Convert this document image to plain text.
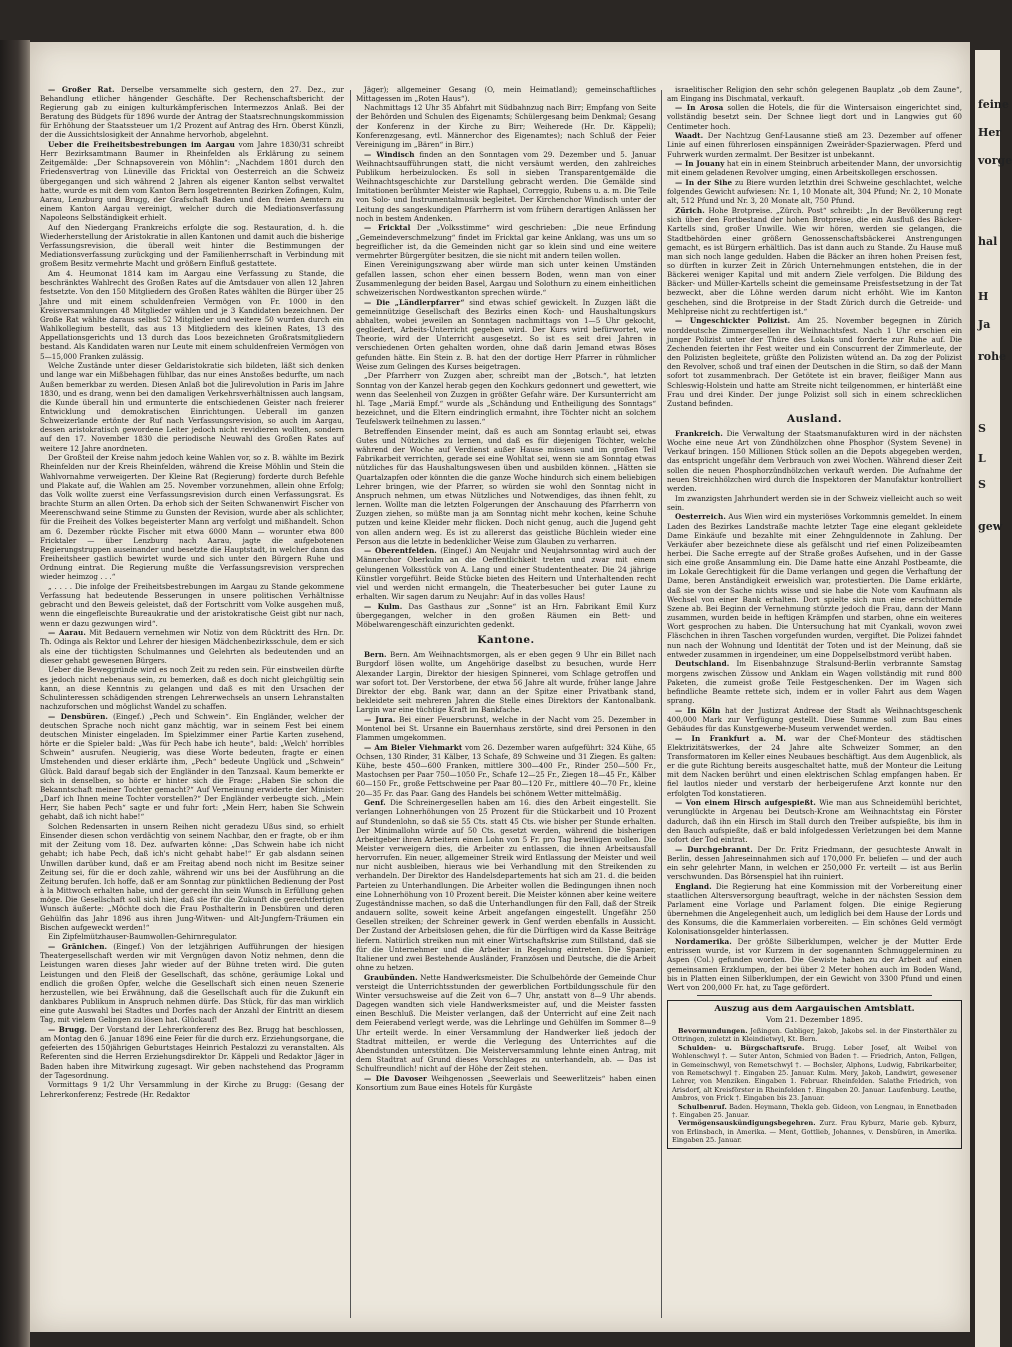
feine
Her
vorge
hal
H
Ja
rohe
S
L
S
gew

— Großer Rat. Derselbe versammelte sich gestern, den 27. Dez., zur Behandlung etlicher hängender Geschäfte. Der Rechenschaftsbericht der Regierung gab zu einigen kulturkämpferischen Intermezzos Anlaß. Bei der Beratung des Büdgets für 1896 wurde der Antrag der Staatsrechnungskommission für Erhöhung der Staatssteuer um 1/2 Prozent auf Antrag des Hrn. Oberst Künzli, der die Aussichtslosigkeit der Annahme hervorhob, abgelehnt.

Ueber die Freiheitsbestrebungen im Aargau vom Jahre 1830/31 schreibt Herr Bezirksamtmann Baumer in Rheinfelden als Erklärung zu seinem Zeitgemälde: „Der Schnapsoverein von Möhlin“: „Nachdem 1801 durch den Friedensvertrag von Lüneville das Fricktal von Oesterreich an die Schweiz übergegangen und sich während 2 Jahren als eigener Kanton selbst verwaltet hatte, wurde es mit dem vom Kanton Bern losgetrennten Bezirken Zofingen, Kulm, Aarau, Lenzburg und Brugg, der Grafschaft Baden und den freien Aemtern zu einem Kanton Aargau vereinigt, welcher durch die Mediationsverfassung Napoleons Selbständigkeit erhielt.

Auf den Niedergang Frankreichs erfolgte die sog. Restauration, d. h. die Wiederherstellung der Aristokratie in allen Kantonen und damit auch die bisherige Verfassungsrevision, die überall weit hinter die Bestimmungen der Mediationsverfassung zurückging und der Familienherrschaft in Verbindung mit großem Besitz vermehrte Macht und größern Einfluß gestattete.

Am 4. Heumonat 1814 kam im Aargau eine Verfassung zu Stande, die beschränktes Wahlrecht des Großen Rates auf die Amtsdauer von allen 12 Jahren festsetzte. Von den 150 Mitgliedern des Großen Rates wählten die Bürger über 25 Jahre und mit einem schuldenfreien Vermögen von Fr. 1000 in den Kreisversammlungen 48 Mitglieder wählen und je 3 Kandidaten bezeichnen. Der Große Rat wählte daraus selbst 52 Mitglieder und weitere 50 wurden durch ein Wahlkollegium bestellt, das aus 13 Mitgliedern des kleinen Rates, 13 des Appellationsgerichts und 13 durch das Loos bezeichneten Großratsmitgliedern bestand. Als Kandidaten waren nur Leute mit einem schuldenfreien Vermögen von 5—15,000 Franken zulässig.

Welche Zustände unter dieser Geldaristokratie sich bildeten, läßt sich denken und lange war ein Mißbehagen fühlbar, das nur eines Anstoßes bedurfte, um nach Außen bemerkbar zu werden. Diesen Anlaß bot die Julirevolution in Paris im Jahre 1830, und es drang, wenn bei den damaligen Verkehrsverhältnissen auch langsam, die Kunde überall hin und ermunterte die entschiedenen Geister nach freierer Entwicklung und demokratischen Einrichtungen. Ueberall im ganzen Schweizerlande ertönte der Ruf nach Verfassungsrevision, so auch im Aargau, dessen aristokratisch gewordene Leiter jedoch nicht revidieren wollten, sondern auf den 17. November 1830 die periodische Neuwahl des Großen Rates auf weitere 12 Jahre anordneten.

Der Großteil der Kreise nahm jedoch keine Wahlen vor, so z. B. wählte im Bezirk Rheinfelden nur der Kreis Rheinfelden, während die Kreise Möhlin und Stein die Wahlvornahme verweigerten. Der Kleine Rat (Regierung) forderte durch Befehle und Plakate auf, die Wahlen am 25. November vorzunehmen, allein ohne Erfolg; das Volk wollte zuerst eine Verfassungsrevision durch einen Verfassungsrat. Es brachte Sturm an allen Orten. Da erhob sich der Seiten Schwanenwirt Fischer von Meerenschwand seine Stimme zu Gunsten der Revision, wurde aber als schlichter, für die Freiheit des Volkes begeisterter Mann arg verfolgt und mißhandelt. Schon am 6. Dezember rückte Fischer mit etwa 6000 Mann — worunter etwa 800 Fricktaler — über Lenzburg nach Aarau, jagte die aufgebotenen Regierungstruppen auseinander und besetzte die Hauptstadt, in welcher dann das Freiheitsheer gastlich bewirtet wurde und sich unter den Bürgern Ruhe und Ordnung eintrat. Die Regierung mußte die Verfassungsrevision versprechen wieder heimzog . . .“

„ . . . . Die infolge der Freiheitsbestrebungen im Aargau zu Stande gekommene Verfassung hat bedeutende Besserungen in unsere politischen Verhältnisse gebracht und den Beweis geleistet, daß der Fortschritt vom Volke ausgehen muß, wenn die eingefleischte Bureaukratie und der aristokratische Geist gibt nur nach, wenn er dazu gezwungen wird“.

— Aarau. Mit Bedauern vernehmen wir Notiz von dem Rücktritt des Hrn. Dr. Th. Odinga als Rektor und Lehrer der hiesigen Mädchenbezirksschule, dem er sich als eine der tüchtigsten Schulmannes und Gelehrten als bedeutenden und an dieser gehabt gewesenen Bürgers.

Ueber die Beweggründe wird es noch Zeit zu reden sein. Für einstweilen dürfte es jedoch nicht nebenaus sein, zu bemerken, daß es doch nicht gleichgültig sein kann, an diese Kenntnis zu gelangen und daß es mit den Ursachen der Schulinteressen schädigenden strengen Lehrerwechsels an unsern Lehranstalten nachzuforschen und möglichst Wandel zu schaffen.

— Densbüren. (Eingef.) „Pech und Schwein“. Ein Engländer, welcher der deutschen Sprache noch nicht ganz mächtig, war in seinem Fest bei einem deutschen Minister eingeladen. Im Spielzimmer einer Partie Karten zusehend, hörte er die Spieler bald: „Was für Pech habe ich heute“, bald: „Welch' horribles Schwein“ ausrufen. Neugierig, was diese Worte bedeuten, fragte er einen Umstehenden und dieser erklärte ihm, „Pech“ bedeute Unglück und „Schwein“ Glück. Bald darauf begab sich der Engländer in den Tanzsaal. Kaum bemerkte er sich in denselben, so hörte er hinter sich die Frage: „Haben Sie schon die Bekanntschaft meiner Tochter gemacht?“ Auf Verneinung erwiderte der Minister: „Darf ich Ihnen meine Tochter vorstellen?“ Der Engländer verbeugte sich. „Mein Herr, Sie haben Pech“ sagte er und fuhr fort: „Mein Herr, haben Sie Schwein gehabt, daß ich nicht habe!“

Solchen Redensarten in unsern Reihen nicht geradezu Ußus sind, so erhielt Einsender diesen schon verdächtig von seinem Nachbar, den er fragte, ob er ihm mit der Zeitung vom 18. Dez. aufwarten könne: „Das Schwein habe ich nicht gehabt; ich habe Pech, daß ich's nicht gehabt habe!“ Er gab alsdann seinen Unwillen darüber kund, daß er am Freitag abend noch nicht im Besitze seiner Zeitung sei, für die er doch zahle, während wir uns bei der Ausführung an die Zeitung berufen. Ich hoffe, daß er am Sonntag zur pünktlichen Bedienung der Post à la Mittwoch erhalten habe, und der gerecht ihn sein Wunsch in Erfüllung gehen möge. Die Gesellschaft soll sich hier, daß sie für die Zukunft die gerechtfertigten Wunsch äußerte: „Möchte doch die Frau Posthalterin in Densbüren und deren Gehülfin das Jahr 1896 aus ihren Jung-Witwen- und Alt-Jungfern-Träumen ein Bischen aufgeweckt werden!“

Ein Zipfelmützhauser-Baumwollen-Gehirnregulator.

— Gränichen. (Eingef.) Von der letzjährigen Aufführungen der hiesigen Theatergesellschaft werden wir mit Vergnügen davon Notiz nehmen, denn die Leistungen waren dieses Jahr wieder auf der Bühne treten wird. Die guten Leistungen und den Fleiß der Gesellschaft, das schöne, geräumige Lokal und endlich die großen Opfer, welche die Gesellschaft sich einen neuen Szenerie herzustellen, wie bei Erwähnung, daß die Gesellschaft auch für die Zukunft ein dankbares Publikum in Anspruch nehmen dürfe. Das Stück, für das man wirklich eine gute Auswahl bei Stadtes und Dorfes nach der Anzahl der Eintritt an diesem Tag, mit vielem Gelingen zu lösen hat. Glückauf!

— Brugg. Der Vorstand der Lehrerkonferenz des Bez. Brugg hat beschlossen, am Montag den 6. Januar 1896 eine Feier für die durch erz. Erziehungsorgane, die gefeierten des 150jährigen Geburtstages Heinrich Pestalozzi zu veranstalten. Als Referenten sind die Herren Erziehungsdirektor Dr. Käppeli und Redaktor Jäger in Baden haben ihre Mitwirkung zugesagt. Wir geben nachstehend das Programm der Tagesordnung.

Vormittags 9 1/2 Uhr Versammlung in der Kirche zu Brugg: (Gesang der Lehrerkonferenz; Festrede (Hr. Redaktor

Jäger); allgemeiner Gesang (O, mein Heimatland); gemeinschaftliches Mittagessen im „Roten Haus“).

Nachmittags 12 Uhr 35 Abfahrt mit Südbahnzug nach Birr; Empfang von Seite der Behörden und Schulen des Eigenamts; Schülergesang beim Denkmal; Gesang der Konferenz in der Kirche zu Birr; Weiherede (Hr. Dr. Käppeli); Konferenzgesang, evtl. Männerchor des Eigenamtes); nach Schluß der Feier Vereinigung im „Bären“ in Birr.)

— Windisch finden an den Sonntagen vom 29. Dezember und 5. Januar Weihnachtsaufführungen statt, die nicht versäumt werden, den zahlreiches Publikum herbeizulocken. Es soll in sieben Transparentgemälde die Weihnachtsgeschichte zur Darstellung gebracht werden. Die Gemälde sind Imitationen berühmter Meister wie Raphael, Correggio, Rubens u. a. m. Die Teile von Solo- und Instrumentalmusik begleitet. Der Kirchenchor Windisch unter der Leitung des sangeskundigen Pfarrherrn ist vom frühern derartigen Anlässen her noch in bestem Andenken.

— Fricktal Der „Volksstimme“ wird geschrieben: „Die neue Erfindung „Gemeindeverschmelzung“ findet im Fricktal gar keine Anklang, was uns um so begreiflicher ist, da die Gemeinden nicht gar so klein sind und eine weitere vermehrter Bürgergüter besitzen, die sie nicht mit andern teilen wollen.

Einen Vereinigungszwang aber würde man sich unter keinen Umständen gefallen lassen, schon eher einen bessern Boden, wenn man von einer Zusammenlegung der beiden Basel, Aargau und Solothurn zu einem einheitlichen schweizerischen Nordwestkanton sprechen würde.“

— Die „Ländlerpfarrer“ sind etwas schief gewickelt. In Zuzgen läßt die gemeinnützige Gesellschaft des Bezirks einen Koch- und Haushaltungskurs abhalten, wobei jeweilen an Sonntagen nachmittags von 1—5 Uhr gekocht, gegliedert, Arbeits-Unterricht gegeben wird. Der Kurs wird befürwortet, wie Theorie, wird der Unterricht ausgesetzt. So ist es seit drei Jahren in verschiedenen Orten gehalten worden, ohne daß darin Jemand etwas Böses gefunden hätte. Ein Stein z. B. hat den der dortige Herr Pfarrer in rühmlicher Weise zum Gelingen des Kurses beigetragen.

„Der Pfarrherr von Zuzgen aber, schreibt man der „Botsch.“, hat letzten Sonntag von der Kanzel herab gegen den Kochkurs gedonnert und gewettert, wie wenn das Seelenheil von Zuzgen in größter Gefahr wäre. Der Kursunterricht am hl. Tage „Mariä Empf.“ wurde als „Schändung und Entheiligung des Sonntags“ bezeichnet, und die Eltern eindringlich ermahnt, ihre Töchter nicht an solchem Teufelswerk teilnehmen zu lassen.“

Betreffenden Einsender meint, daß es auch am Sonntag erlaubt sei, etwas Gutes und Nützliches zu lernen, und daß es für diejenigen Töchter, welche während der Woche auf Verdienst außer Hause müssen und im großen Teil Fabrikarbeit verrichten, gerade sei eine Wohltat sei, wenn sie am Sonntag etwas nützliches für das Haushaltungswesen üben und ausbilden können. „Hätten sie Quartalzapfen oder könnten die die ganze Woche hindurch sich einem beliebigen Lehrer bringen, wie der Pfarrer, so würden sie wohl den Sonntag nicht in Anspruch nehmen, um etwas Nützliches und Notwendiges, das ihnen fehlt, zu lernen. Wollte man die letzten Folgerungen der Anschauung des Pfarrherrn von Zuzgen ziehen, so müßte man ja am Sonntag nicht mehr kochen, keine Schuhe putzen und keine Kleider mehr flicken. Doch nicht genug, auch die Jugend geht von allen andern weg. Es ist zu allererst das geistliche Büchlein wieder eine Person aus die letzte in bedenklicher Weise zum Glauben zu verharren.

— Oberentfelden. (Eingef.) Am Neujahr und Neujahrsonntag wird auch der Männerchor Oberkulm an die Oeffentlichkeit treten und zwar mit einem gelungenen Volksstück von A. Lang und einer Studententheater. Die 24 jährige Künstler vorgeführt. Beide Stücke bieten des Heitern und Unterhaltenden recht viel und werden nicht ermangeln, die Theaterbesucher bei guter Laune zu erhalten. Wir sagen darum zu Neujahr: Auf in das volles Haus!

— Kulm. Das Gasthaus zur „Sonne“ ist an Hrn. Fabrikant Emil Kurz übergegangen, welcher in den großen Räumen ein Bett- und Möbelwarengeschäft einzurichten gedenkt.

Kantone.

Bern. Bern. Am Weihnachtsmorgen, als er eben gegen 9 Uhr ein Billet nach Burgdorf lösen wollte, um Angehörige daselbst zu besuchen, wurde Herr Alexander Largin, Direktor der hiesigen Spinnerei, vom Schlage getroffen und war sofort tot. Der Verstorbene, der etwa 56 Jahre alt wurde, früher lange Jahre Direktor der ebg. Bank war, dann an der Spitze einer Privatbank stand, bekleidete seit mehreren Jahren die Stelle eines Direktors der Kantonalbank. Largin war eine tüchtige Kraft im Bankfache.

— Jura. Bei einer Feuersbrunst, welche in der Nacht vom 25. Dezember in Montenol bei St. Ursanne ein Bauernhaus zerstörte, sind drei Personen in den Flammen umgekommen.

— Am Bieler Viehmarkt vom 26. Dezember waren aufgeführt: 324 Kühe, 65 Ochsen, 130 Rinder, 31 Kälber, 13 Schafe, 89 Schweine und 31 Ziegen. Es galten: Kühe, beste 450—600 Franken, mittlere 300—400 Fr., Rinder 250—500 Fr., Mastochsen per Paar 750—1050 Fr., Schafe 12—25 Fr., Ziegen 18—45 Fr., Kälber 60—150 Fr., große Fettschweine per Paar 80—120 Fr., mittlere 40—70 Fr., kleine 20—35 Fr. das Paar. Gang des Handels bei schönem Wetter mittelmäßig.

Genf. Die Schreinergesellen haben am 16. dies den Arbeit eingestellt. Sie verlangen Lohnerhöhungen von 25 Prozent für die Stückarbeit und 10 Prozent auf Stundenlohn, so daß sie 55 Cts. statt 45 Cts. wie bisher per Stunde erhalten. Der Minimallohn würde auf 50 Cts. gesetzt werden, während die bisherigen Arbeitgeber ihren Arbeitern einen Lohn von 5 Fr. pro Tag bewilligen wollen. Die Meister verweigern dies, die Arbeiter zu entlassen, die ihnen Arbeitsausfall hervorrufen. Ein neuer, allgemeiner Streik wird Entlassung der Meister und weil nur nicht ausbleiben, hieraus wie bei Verhandlung mit den Streikenden zu verhandeln. Der Direktor des Handelsdepartements hat sich am 21. d. die beiden Parteien zu Unterhandlungen. Die Arbeiter wollen die Bedingungen ihnen noch eine Lohnerhöhung von 10 Prozent bereit. Die Meister können aber keine weitere Zugeständnisse machen, so daß die Unterhandlungen für den Fall, daß der Streik andauern sollte, soweit keine Arbeit angefangen eingestellt. Ungefähr 250 Gesellen streiken; der Schreiner gewerk in Genf werden ebenfalls in Aussicht. Der Zustand der Arbeitslosen gehen, die für die Dürftigen wird da Kasse Beiträge liefern. Natürlich streiken nun mit einer Wirtschaftskrise zum Stillstand, daß sie für die Unternehmer und die Arbeiter in Regelung eintreten. Die Spanier, Italiener und zwei Bestehende Ausländer, Französen und Deutsche, die die Arbeit ohne zu hetzen.

Graubünden. Nette Handwerksmeister. Die Schulbehörde der Gemeinde Chur versteigt die Unterrichtsstunden der gewerblichen Fortbildungsschule für den Winter versuchsweise auf die Zeit von 6—7 Uhr, anstatt von 8—9 Uhr abends. Dagegen wandten sich viele Handwerksmeister auf, und die Meister fassten einen Beschluß. Die Meister verlangen, daß der Unterricht auf eine Zeit nach dem Feierabend verlegt werde, was die Lehrlinge und Gehülfen im Sommer 8—9 Uhr erteilt werde. In einer Versammlung der Handwerker ließ jedoch der Stadtrat mitteilen, er werde die Verlegung des Unterrichtes auf die Abendstunden unterstützen. Die Meisterversammlung lehnte einen Antrag, mit dem Stadtrat auf Grund dieses Vorschlages zu unterhandeln, ab. — Das ist Schulfreundlich! nicht auf der Höhe der Zeit stehen.

— Die Davoser Weihgenossen „Seewerlais und Seewerlitzeis“ haben einen Konsortium zum Baue eines Hotels für Kurgäste

israelitischer Religion den sehr schön gelegenen Bauplatz „ob dem Zaune“, am Eingang ins Dischmatal, verkauft.

— In Arosa sollen die Hotels, die für die Wintersaison eingerichtet sind, vollständig besetzt sein. Der Schnee liegt dort und in Langwies gut 60 Centimeter hoch.

Waadt. Der Nachtzug Genf-Lausanne stieß am 23. Dezember auf offener Linie auf einen führerlosen einspännigen Zweiräder-Spazierwagen. Pferd und Fuhrwerk wurden zermalmt. Der Besitzer ist unbekannt.

— In Jouany hat ein in einem Steinbruch arbeitender Mann, der unvorsichtig mit einem geladenen Revolver umging, einen Arbeitskollegen erschossen.

— In der Sihe zu Biere wurden letzthin drei Schweine geschlachtet, welche folgendes Gewicht aufwiesen: Nr. 1, 10 Monate alt, 304 Pfund; Nr. 2, 10 Monate alt, 512 Pfund und Nr. 3, 20 Monate alt, 750 Pfund.

Zürich. Hohe Brotpreise. „Zürch. Post“ schreibt: „In der Bevölkerung regt sich über den Fortbestand der hohen Brotpreise, die ein Ausfluß des Bäcker-Kartells sind, großer Unwille. Wie wir hören, werden sie gelangen, die Stadtbehörden einer größern Genossenschaftsbäckerei Anstrengungen gemacht, es ist Bürgern erhältlich. Das ist dann auch zu Stande. Zu Hause muß man sich noch lange gedulden. Haben die Bäcker an ihren hohen Preisen fest, so dürften in kurzer Zeit in Zürich Unternehmungen entstehen, die in der Bäckerei weniger Kapital und mit andern Ziele verfolgen. Die Bildung des Bäcker- und Müller-Kartells scheint die gemeinsame Preisfestsetzung in der Tat bezweckt, aber die Löhne werden darum nicht erhöht. Wie im Kanton geschehen, sind die Brotpreise in der Stadt Zürich durch die Getreide- und Mehlpreise nicht zu rechtfertigen ist.“

— Ungeschickter Polizist. Am 25. November begegnen in Zürich norddeutsche Zimmergesellen ihr Weihnachtsfest. Nach 1 Uhr erschien ein junger Polizist unter der Thüre des Lokals und forderte zur Ruhe auf. Die Zechenden feierten ihr Fest weiter und ein Conscurrent der Zimmerleute, der den Polizisten begleitete, grüßte den Polizisten wütend an. Da zog der Polizist den Revolver, schoß und traf einen der Deutschen in die Stirn, so daß der Mann sofort tot zusammenbrach. Der Getötete ist ein braver, fleißiger Mann aus Schleswig-Holstein und hatte am Streite nicht teilgenommen, er hinterläßt eine Frau und drei Kinder. Der junge Polizist soll sich in einem schrecklichen Zustand befinden.

Ausland.

Frankreich. Die Verwaltung der Staatsmanufakturen wird in der nächsten Woche eine neue Art von Zündhölzchen ohne Phosphor (System Sevene) in Verkauf bringen. 150 Millionen Stück sollen an die Depots abgegeben werden, das entspricht ungefähr dem Verbrauch von zwei Wochen. Während dieser Zeit sollen die neuen Phosphorzündhölzchen verkauft werden. Die Aufnahme der neuen Streichhölzchen wird durch die Inspektoren der Manufaktur kontrolliert werden.

Im zwanzigsten Jahrhundert werden sie in der Schweiz vielleicht auch so weit sein.

Oesterreich. Aus Wien wird ein mysteriöses Vorkommnis gemeldet. In einem Laden des Bezirkes Landstraße machte letzter Tage eine elegant gekleidete Dame Einkäufe und bezahlte mit einer Zehnguldennote in Zahlung. Der Verkäufer aber bezeichnete diese als gefälscht und rief einen Polizeibeamten herbei. Die Sache erregte auf der Straße großes Aufsehen, und in der Gasse sich eine große Ansammlung ein. Die Dame hatte eine Anzahl Postbeamte, die im Lokale Gerechtigkeit für die Dame verlangen und gegen die Verhaftung der Dame, beren Anständigkeit erweislich war, protestierten. Die Dame erklärte, daß sie von der Sache nichts wisse und sie habe die Note vom Kaufmann als Wechsel von einer Bank erhalten. Dort spielte sich nun eine erschütternde Szene ab. Bei Beginn der Vernehmung stürzte jedoch die Frau, dann der Mann zusammen, wurden beide in heftigen Krämpfen und starben, ohne ein weiteres Wort gesprochen zu haben. Die Untersuchung hat mit Cyankali, wovon zwei Fläschchen in ihren Taschen vorgefunden wurden, vergiftet. Die Polizei fahndet nun nach der Wohnung und Identität der Toten und ist der Meinung, daß sie entweder zusammen in irgendeiner, um eine Doppelselbstmord verübt haben.

Deutschland. Im Eisenbahnzuge Stralsund-Berlin verbrannte Samstag morgens zwischen Züssow und Anklam ein Wagen vollständig mit rund 800 Paketen, die zumeist große Teile Festgeschenken. Der im Wagen sich befindliche Beamte rettete sich, indem er in voller Fahrt aus dem Wagen sprang.

— In Köln hat der Justizrat Andreae der Stadt als Weihnachtsgeschenk 400,000 Mark zur Verfügung gestellt. Diese Summe soll zum Bau eines Gebäudes für das Kunstgewerbe-Museum verwendet werden.

— In Frankfurt a. M. war der Chef-Monteur des städtischen Elektrizitätswerkes, der 24 Jahre alte Schweizer Sommer, an den Transformatoren im Keller eines Neubaues beschäftigt. Aus dem Augenblick, als er die gute Richtung bereits ausgeschaltet hatte, muß der Monteur die Leitung mit dem Nacken berührt und einen elektrischen Schlag empfangen haben. Er fiel lautlos nieder und verstarb der herbeigerufene Arzt konnte nur den erfolgten Tod konstatieren.

— Von einem Hirsch aufgespießt. Wie man aus Schneidemühl berichtet, verunglückte in Argenau bei Deutsch-Krone am Weihnachtstag ein Förster dadurch, daß ihn ein Hirsch im Stall durch den Treiber aufspießte, bis ihm in den Bauch aufspießte, daß er bald infolgedessen Verletzungen bei dem Manne sofort der Tod eintrat.

— Durchgebrannt. Der Dr. Fritz Friedmann, der gesuchteste Anwalt in Berlin, dessen Jahreseinnahmen sich auf 170,000 Fr. beliefen — und der auch ein sehr gelehrter Mann, in welchen er 250,000 Fr. verteilt — ist aus Berlin verschwunden. Das Börsenspiel hat ihn ruiniert.

England. Die Regierung hat eine Kommission mit der Vorbereitung einer staatlichen Altersversorgung beauftragt, welche in der nächsten Session dem Parlament eine Vorlage und Parlament folgen. Die einige Regierung übernehmen die Angelegenheit auch, um lediglich bei dem Hause der Lords und des Konsums, die die Kammerlaien vorbereiten. — Ein schönes Geld vermögt Kolonisationsgelder hinterlassen.

Nordamerika. Der größte Silberklumpen, welcher je der Mutter Erde entrissen wurde, ist vor Kurzem in der sogenannten Schmuggelerminen zu Aspen (Col.) gefunden worden. Die Gewiste haben zu der Arbeit auf einen gemeinsamen Erzklumpen, der bei über 2 Meter hohen auch im Boden Wand, bis in Platten einen Silberklumpen, der ein Gewicht von 3300 Pfund und einen Wert von 200,000 Fr. hat, zu Tage gefördert.

Auszug aus dem Aargauischen Amtsblatt.
Vom 21. Dezember 1895.

Bevormundungen. Jeßingen. Gabliger, Jakob, Jakobs sel. in der Finsterthäler zu Ottringen, zuletzt in Kleindietwyl, Kt. Bern.

Schulden- u. Bürgschaftsrufe. Brugg. Leber Josef, alt Weibel von Wohlenschwyl †. — Suter Anton, Schmied von Baden †. — Friedrich, Anton, Fellgen, in Gemeinschwyl, von Remetschwyl †. — Bochsler, Alphons, Ludwig, Fabrikarbeiter, von Remetschwyl †. Eingaben 25. Januar. Kulm. Mery, Jakob, Landwirt, gewesener Lehrer, von Menziken. Eingaben 1. Februar. Rheinfelden. Salathe Friedrich, von Arisdorf, alt Kreisförster in Rheinfelden †. Eingaben 20. Januar. Laufenburg. Leuthe, Ambros, von Frick †. Eingaben bis 23. Januar.

Schulbenruf. Baden. Heymann, Thekla geb. Gideon, von Lengnau, in Ennetbaden †. Eingaben 25. Januar.

Vermögensauskündigungsbegehren. Zurz. Frau Kyburz, Marie geb. Kyburz, von Erlinsbach, in Amerika. — Ment, Gottlieb, Johannes, v. Densbüren, in Amerika. Eingaben 25. Januar.
